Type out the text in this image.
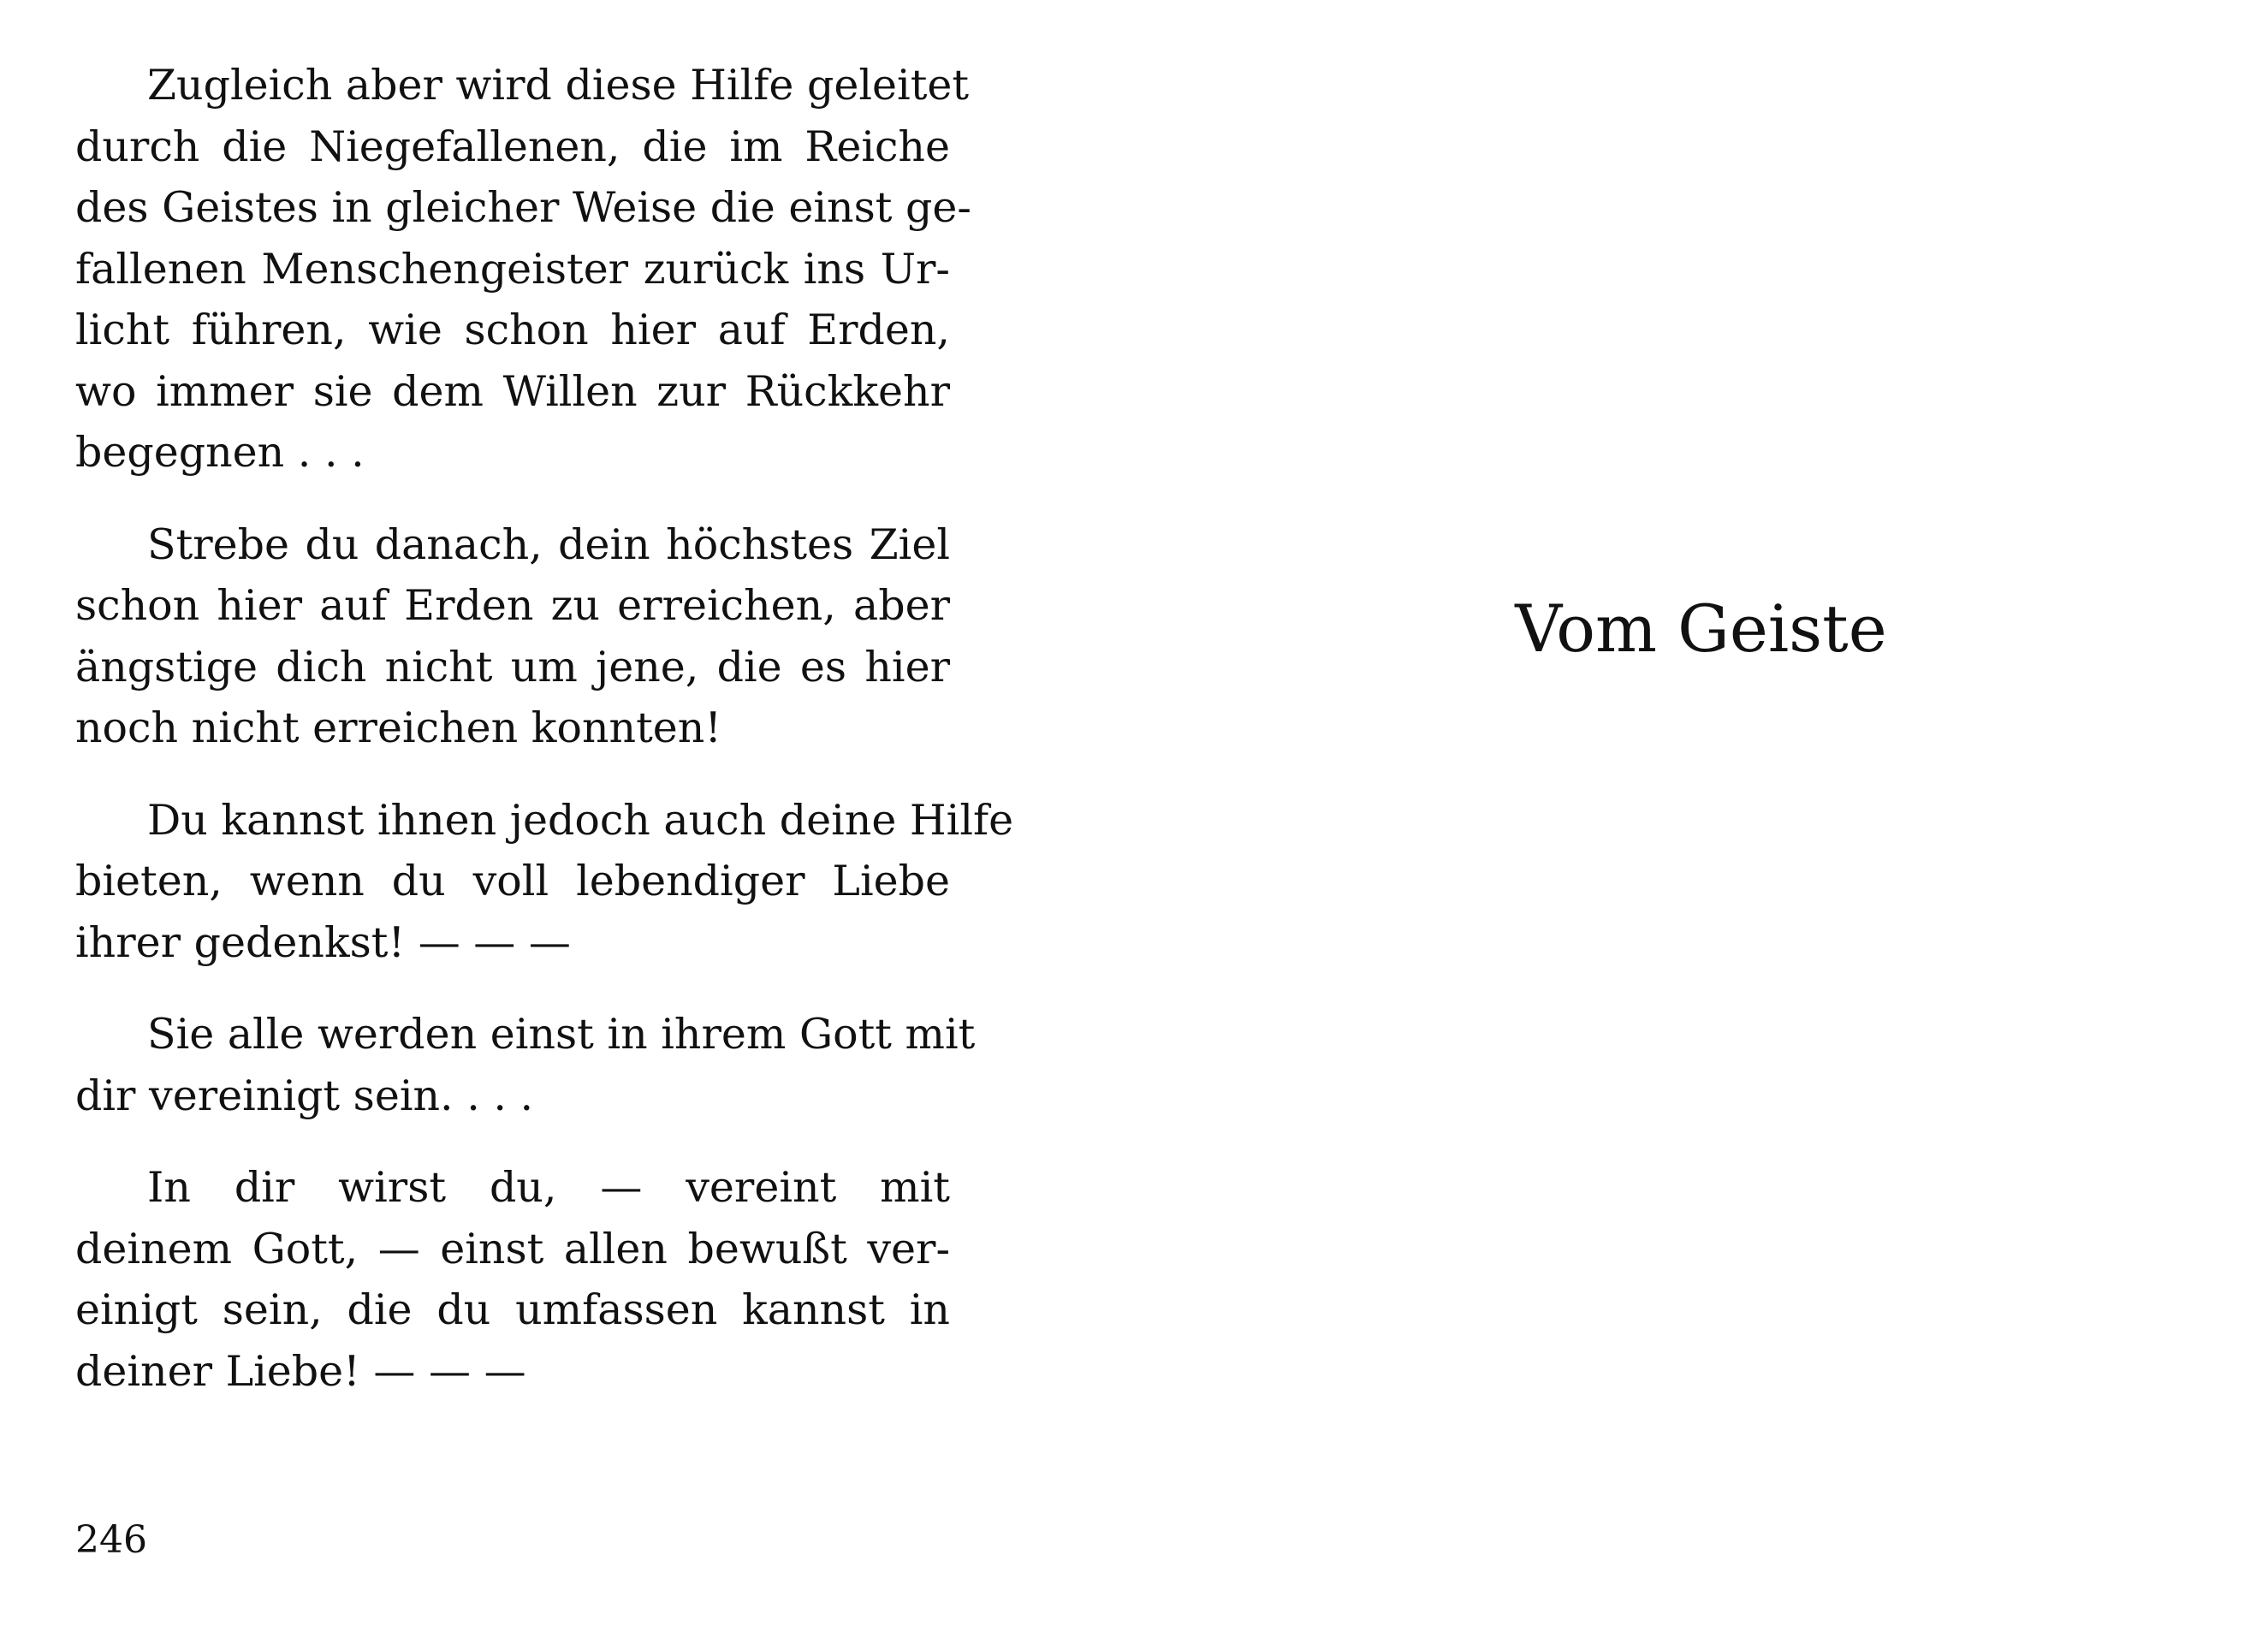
Zugleich aber wird diese Hilfe geleitet
durch die Niegefallenen, die im Reiche
des Geistes in gleicher Weise die einst ge-
fallenen Menschengeister zurück ins Ur-
licht führen, wie schon hier auf Erden,
wo immer sie dem Willen zur Rückkehr
begegnen . . .

Strebe du danach, dein höchstes Ziel
schon hier auf Erden zu erreichen, aber
ängstige dich nicht um jene, die es hier
noch nicht erreichen konnten!

Du kannst ihnen jedoch auch deine Hilfe
bieten, wenn du voll lebendiger Liebe
ihrer gedenkst! — — —

Sie alle werden einst in ihrem Gott mit
dir vereinigt sein. . . .

In dir wirst du, — vereint mit
deinem Gott, — einst allen bewußt ver-
einigt sein, die du umfassen kannst in
deiner Liebe! — — —

246
Vom Geiste
